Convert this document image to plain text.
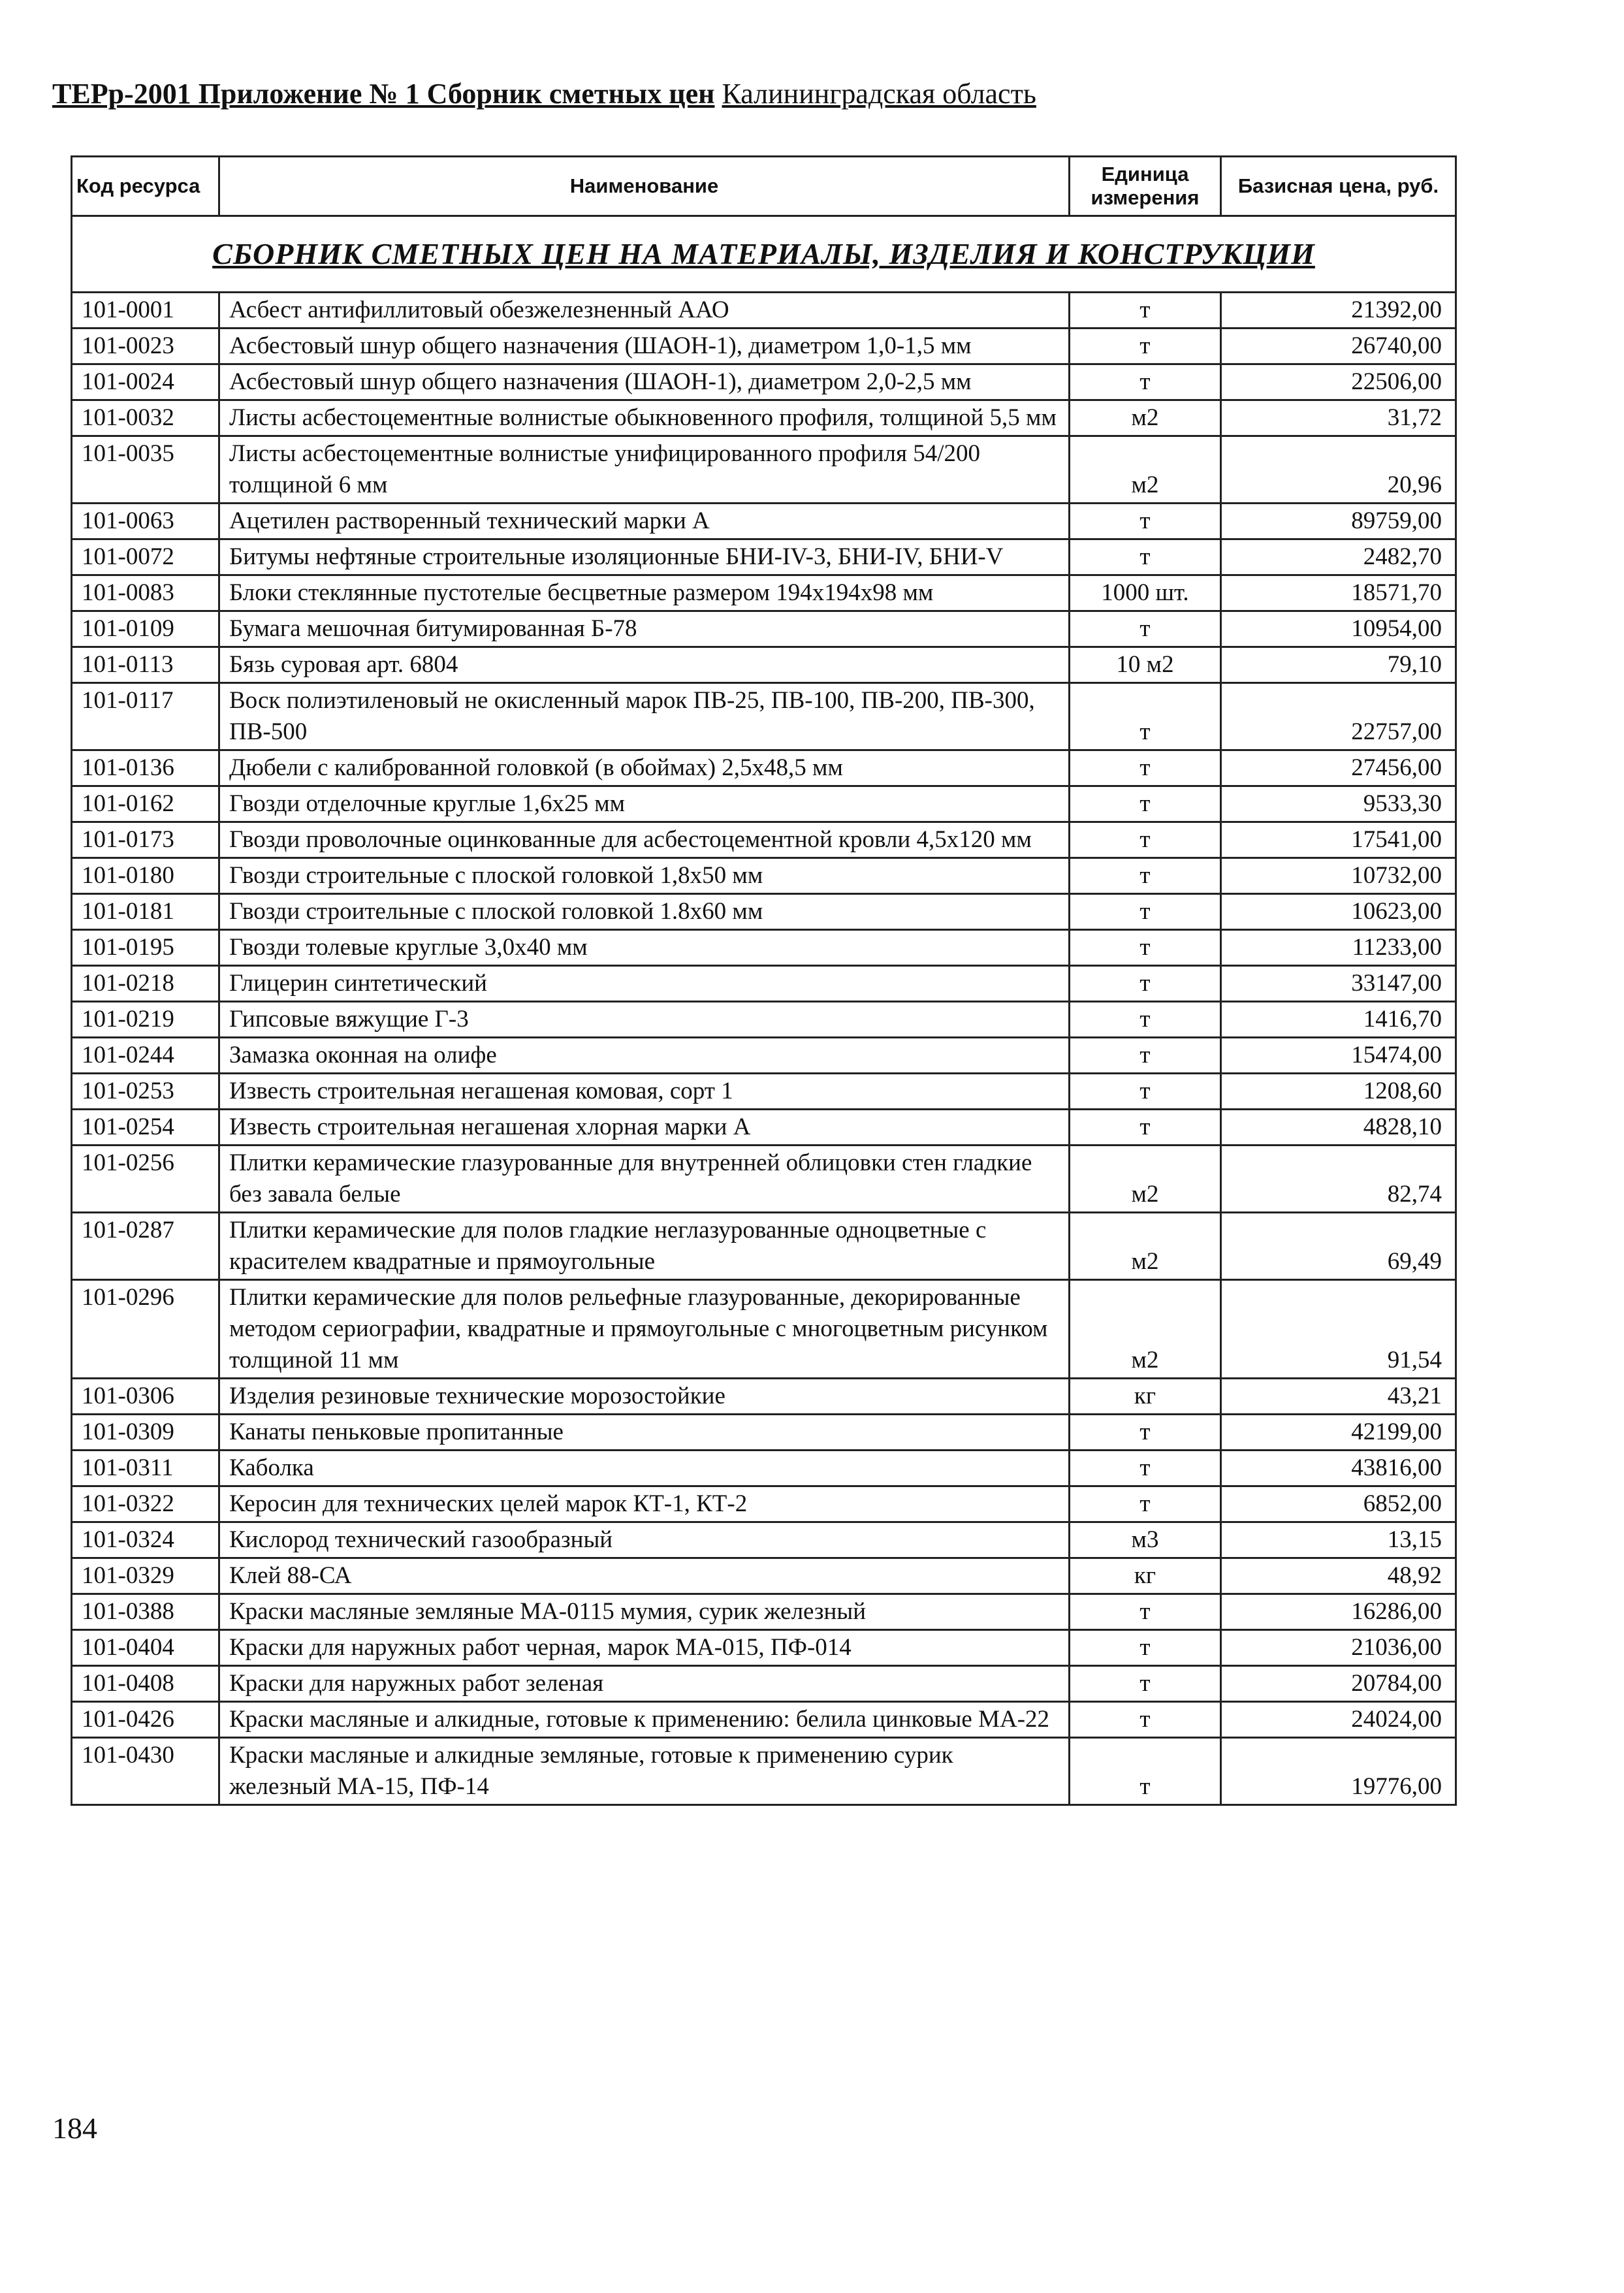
ТЕРр-2001 Приложение № 1 Сборник сметных цен Калининградская область
Код ресурса	Наименование	Единица измерения	Базисная цена, руб.
СБОРНИК СМЕТНЫХ ЦЕН НА МАТЕРИАЛЫ, ИЗДЕЛИЯ И КОНСТРУКЦИИ			
101-0001	Асбест антифиллитовый обезжелезненный ААО	т	21392,00
101-0023	Асбестовый шнур общего назначения (ШАОН-1), диаметром 1,0-1,5 мм	т	26740,00
101-0024	Асбестовый шнур общего назначения (ШАОН-1), диаметром 2,0-2,5 мм	т	22506,00
101-0032	Листы асбестоцементные волнистые обыкновенного профиля, толщиной 5,5 мм	м2	31,72
101-0035	Листы асбестоцементные волнистые унифицированного профиля 54/200 толщиной 6 мм	м2	20,96
101-0063	Ацетилен растворенный технический марки А	т	89759,00
101-0072	Битумы нефтяные строительные изоляционные БНИ-IV-3, БНИ-IV, БНИ-V	т	2482,70
101-0083	Блоки стеклянные пустотелые бесцветные размером 194x194x98 мм	1000 шт.	18571,70
101-0109	Бумага мешочная битумированная Б-78	т	10954,00
101-0113	Бязь суровая арт. 6804	10 м2	79,10
101-0117	Воск полиэтиленовый не окисленный марок ПВ-25, ПВ-100, ПВ-200, ПВ-300, ПВ-500	т	22757,00
101-0136	Дюбели с калиброванной головкой (в обоймах) 2,5x48,5 мм	т	27456,00
101-0162	Гвозди отделочные круглые 1,6x25 мм	т	9533,30
101-0173	Гвозди проволочные оцинкованные для асбестоцементной кровли 4,5x120 мм	т	17541,00
101-0180	Гвозди строительные с плоской головкой 1,8x50 мм	т	10732,00
101-0181	Гвозди строительные с плоской головкой 1.8x60 мм	т	10623,00
101-0195	Гвозди толевые круглые 3,0x40 мм	т	11233,00
101-0218	Глицерин синтетический	т	33147,00
101-0219	Гипсовые вяжущие Г-3	т	1416,70
101-0244	Замазка оконная на олифе	т	15474,00
101-0253	Известь строительная негашеная комовая, сорт 1	т	1208,60
101-0254	Известь строительная негашеная хлорная марки А	т	4828,10
101-0256	Плитки керамические глазурованные для внутренней облицовки стен гладкие без завала белые	м2	82,74
101-0287	Плитки керамические для полов гладкие неглазурованные одноцветные с красителем квадратные и прямоугольные	м2	69,49
101-0296	Плитки керамические для полов рельефные глазурованные, декорированные методом сериографии, квадратные и прямоугольные с многоцветным рисунком толщиной 11 мм	м2	91,54
101-0306	Изделия резиновые технические морозостойкие	кг	43,21
101-0309	Канаты пеньковые пропитанные	т	42199,00
101-0311	Каболка	т	43816,00
101-0322	Керосин для технических целей марок КТ-1, КТ-2	т	6852,00
101-0324	Кислород технический газообразный	м3	13,15
101-0329	Клей 88-СА	кг	48,92
101-0388	Краски масляные земляные МА-0115 мумия, сурик железный	т	16286,00
101-0404	Краски для наружных работ черная, марок МА-015, ПФ-014	т	21036,00
101-0408	Краски для наружных работ зеленая	т	20784,00
101-0426	Краски масляные и алкидные, готовые к применению: белила цинковые МА-22	т	24024,00
101-0430	Краски масляные и алкидные земляные, готовые к применению сурик железный МА-15, ПФ-14	т	19776,00
184
